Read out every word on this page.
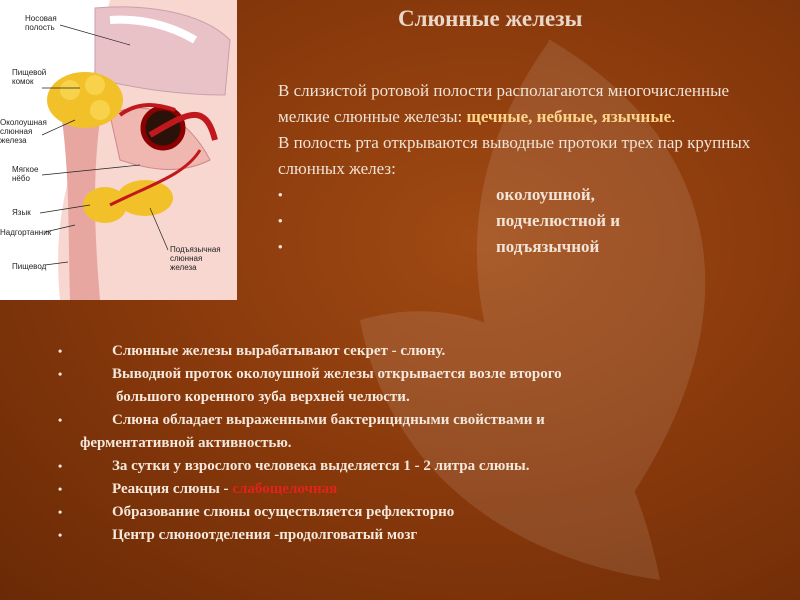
Слюнные железы
Носовая
полость
Пищевой
комок
Околоушная
слюнная
железа
Мягкое
нёбо
Язык
Надгортанник
Пищевод
Подъязычная
слюнная
железа

В слизистой ротовой полости располагаются многочисленные мелкие слюнные железы: щечные, небные, язычные.

В полость рта открываются выводные протоки трех пар крупных слюнных желез:

•	околоушной,
•	подчелюстной и
•	подъязычной
•	Слюнные железы вырабатывают секрет - слюну.
•	Выводной проток околоушной железы открывается возле второго
большого коренного зуба верхней челюсти.
•	Слюна обладает выраженными бактерицидными свойствами и
ферментативной активностью.
•	За сутки у взрослого человека выделяется 1 - 2 литра слюны.
•	Реакция слюны - слабощелочная
•	Образование слюны осуществляется рефлекторно
•	Центр слюноотделения -продолговатый мозг
